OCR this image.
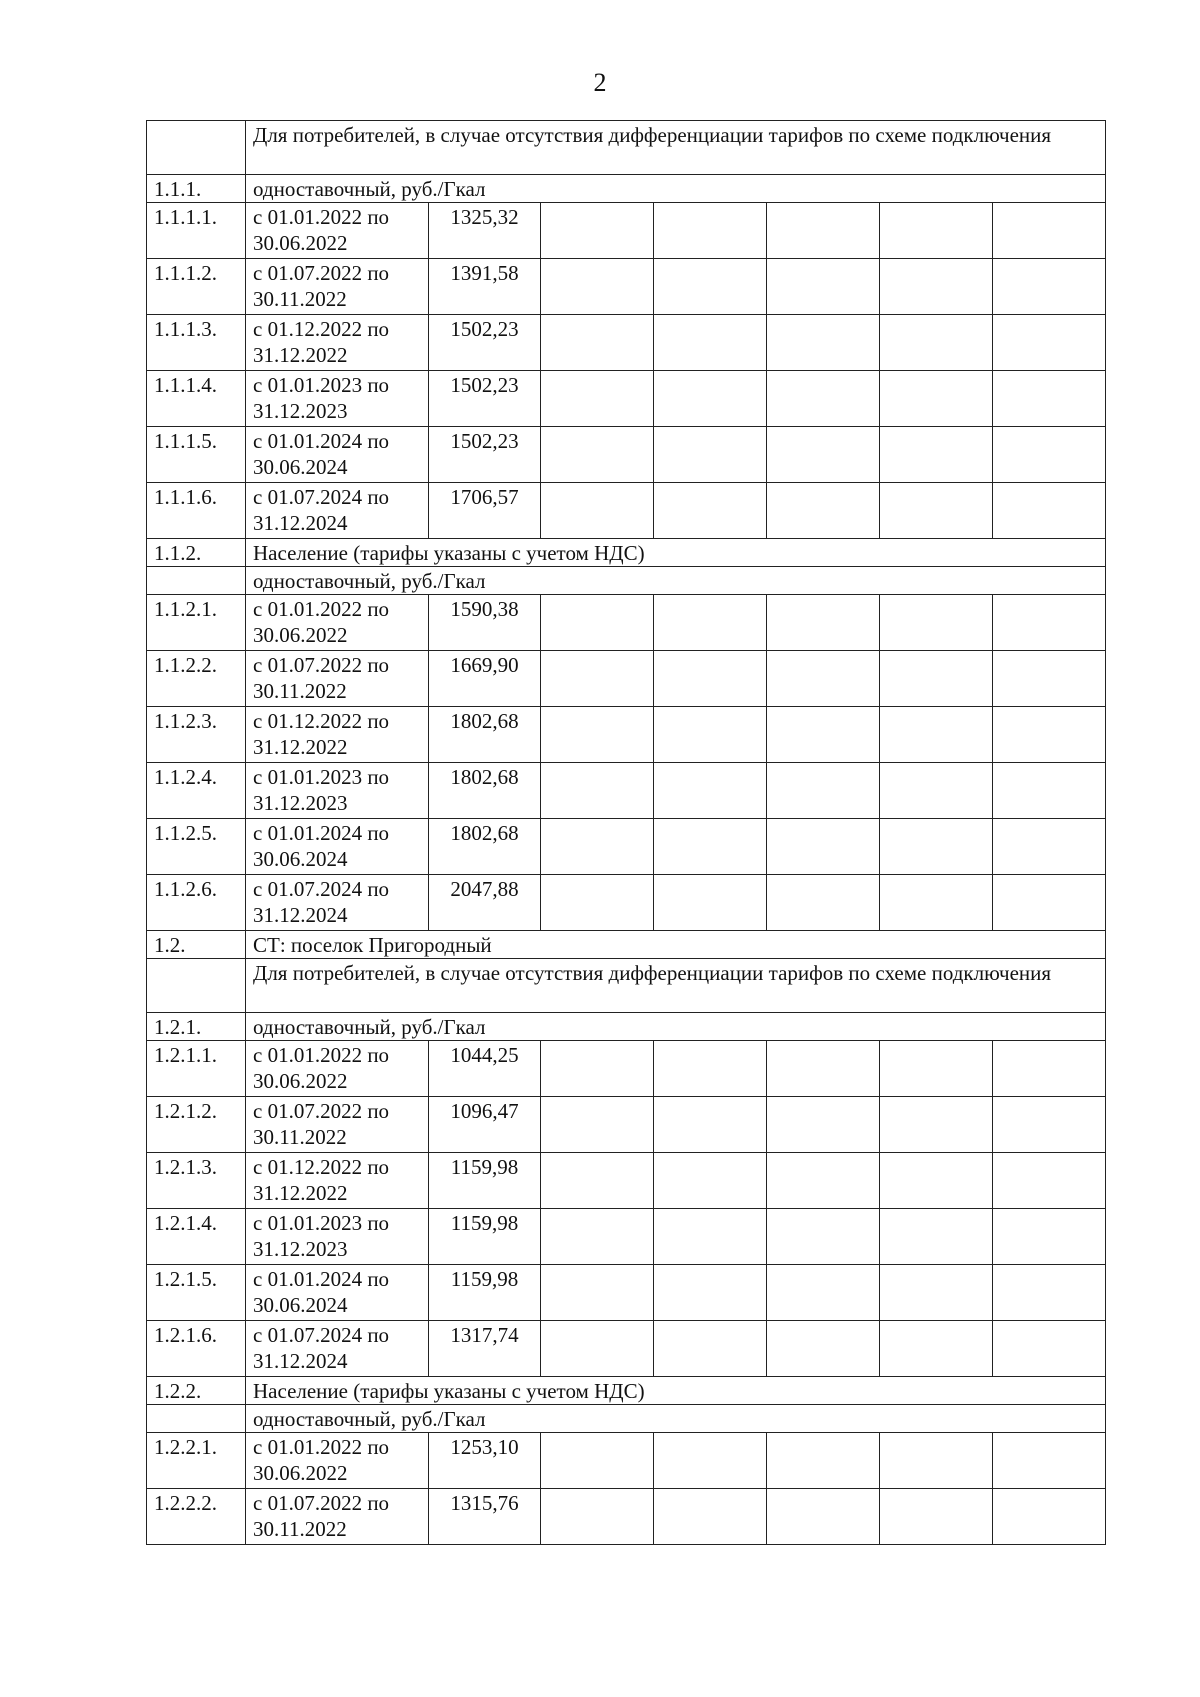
2
	Для потребителей, в случае отсутствия дифференциации тарифов по схеме подключения						
1.1.1.	одноставочный, руб./Гкал						
1.1.1.1.	с 01.01.2022 по 30.06.2022	1325,32					
1.1.1.2.	с 01.07.2022 по 30.11.2022	1391,58					
1.1.1.3.	с 01.12.2022 по 31.12.2022	1502,23					
1.1.1.4.	с 01.01.2023 по 31.12.2023	1502,23					
1.1.1.5.	с 01.01.2024 по 30.06.2024	1502,23					
1.1.1.6.	с 01.07.2024 по 31.12.2024	1706,57					
1.1.2.	Население (тарифы указаны с учетом НДС)						
	одноставочный, руб./Гкал						
1.1.2.1.	с 01.01.2022 по 30.06.2022	1590,38					
1.1.2.2.	с 01.07.2022 по 30.11.2022	1669,90					
1.1.2.3.	с 01.12.2022 по 31.12.2022	1802,68					
1.1.2.4.	с 01.01.2023 по 31.12.2023	1802,68					
1.1.2.5.	с 01.01.2024 по 30.06.2024	1802,68					
1.1.2.6.	с 01.07.2024 по 31.12.2024	2047,88					
1.2.	СТ: поселок Пригородный						
	Для потребителей, в случае отсутствия дифференциации тарифов по схеме подключения						
1.2.1.	одноставочный, руб./Гкал						
1.2.1.1.	с 01.01.2022 по 30.06.2022	1044,25					
1.2.1.2.	с 01.07.2022 по 30.11.2022	1096,47					
1.2.1.3.	с 01.12.2022 по 31.12.2022	1159,98					
1.2.1.4.	с 01.01.2023 по 31.12.2023	1159,98					
1.2.1.5.	с 01.01.2024 по 30.06.2024	1159,98					
1.2.1.6.	с 01.07.2024 по 31.12.2024	1317,74					
1.2.2.	Население (тарифы указаны с учетом НДС)						
	одноставочный, руб./Гкал						
1.2.2.1.	с 01.01.2022 по 30.06.2022	1253,10					
1.2.2.2.	с 01.07.2022 по 30.11.2022	1315,76					
